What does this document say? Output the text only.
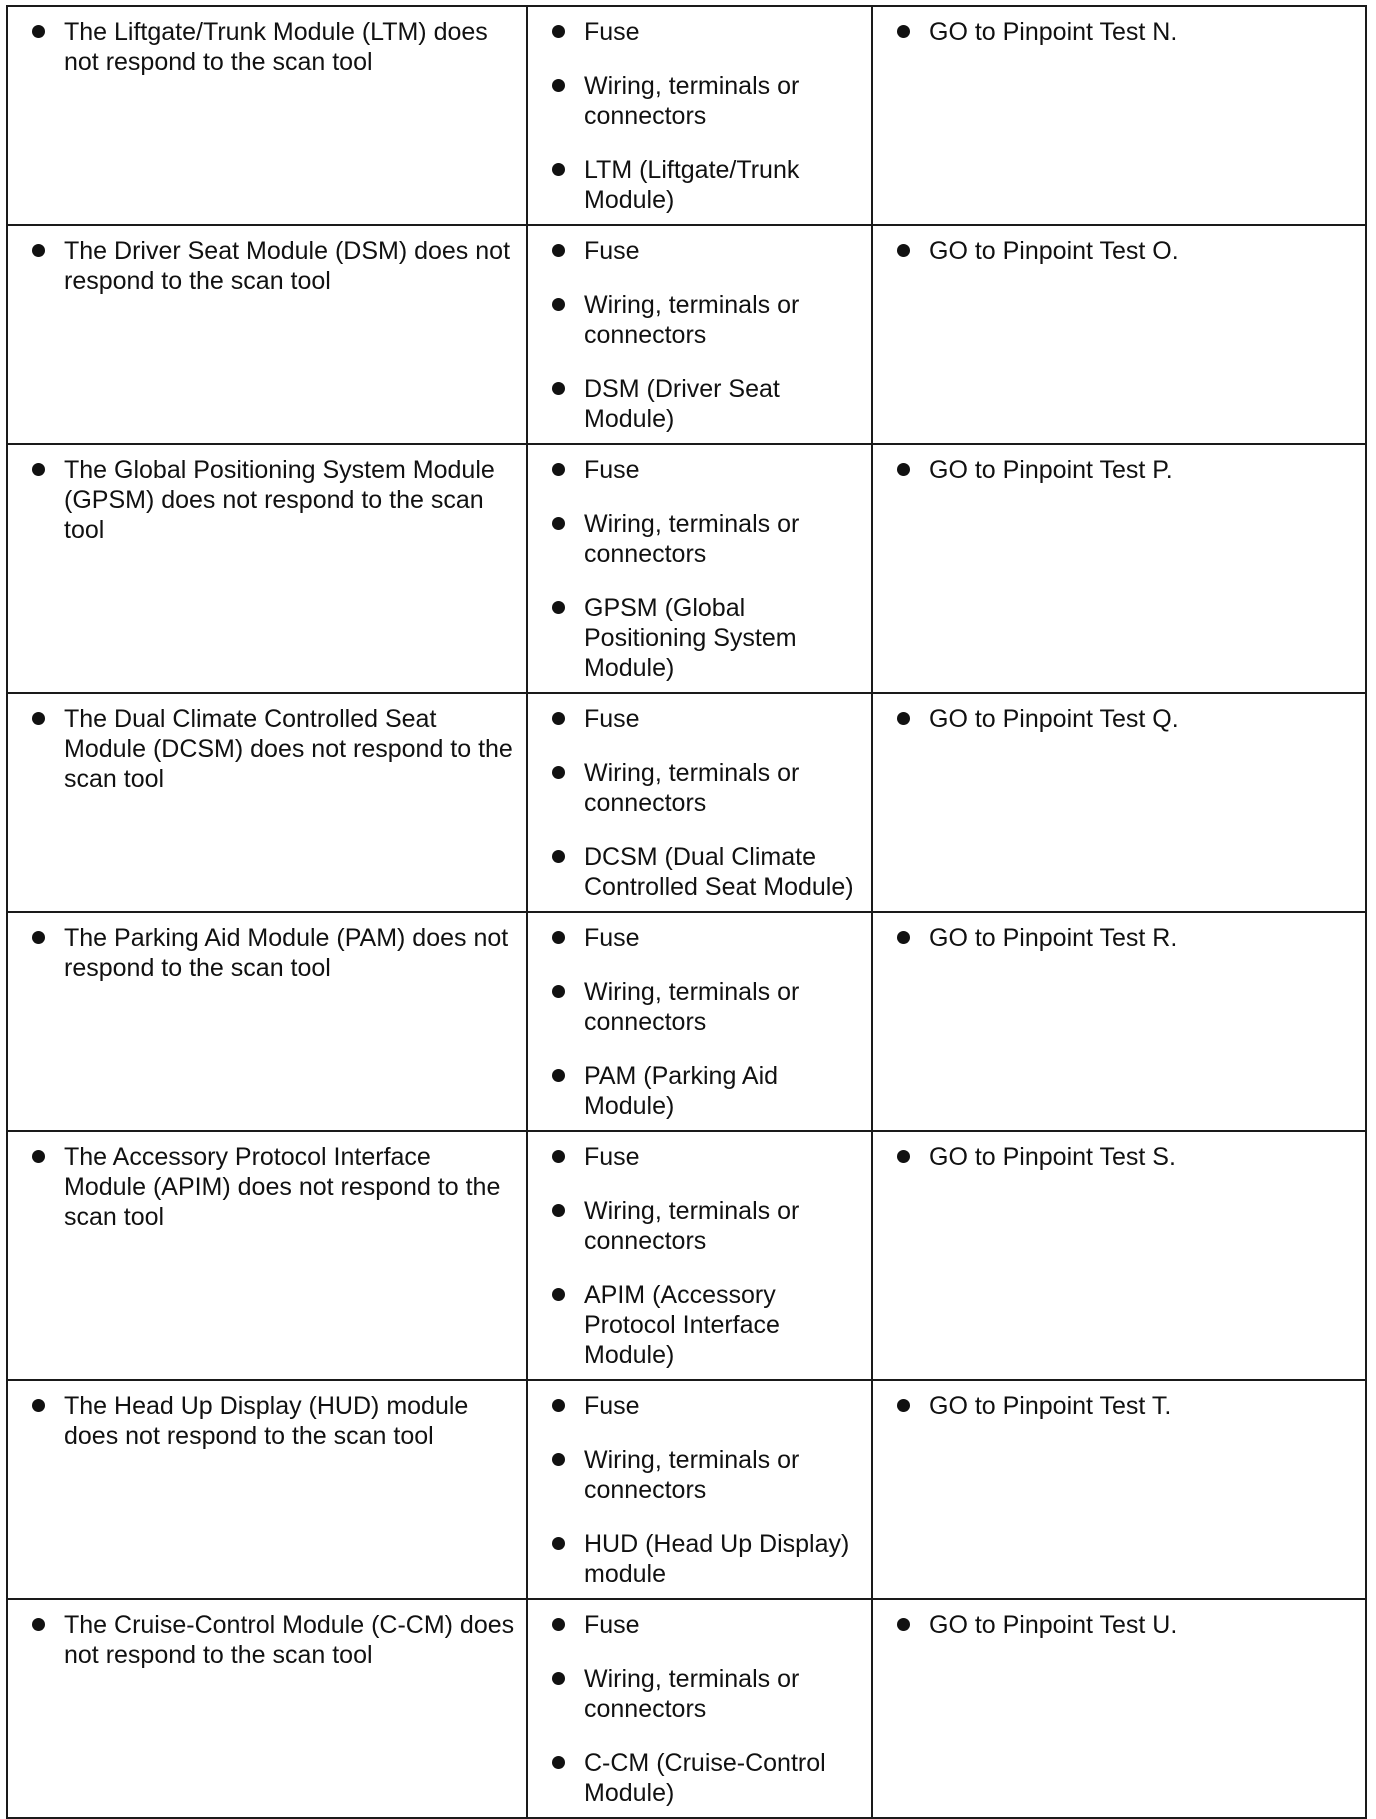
The Liftgate/Trunk Module (LTM) does not respond to the scan tool	Fuse
Wiring, terminals or connectors
LTM (Liftgate/Trunk Module)	GO to Pinpoint Test N.

The Driver Seat Module (DSM) does not respond to the scan tool	Fuse
Wiring, terminals or connectors
DSM (Driver Seat Module)	GO to Pinpoint Test O.

The Global Positioning System Module (GPSM) does not respond to the scan tool	Fuse
Wiring, terminals or connectors
GPSM (Global Positioning System Module)	GO to Pinpoint Test P.

The Dual Climate Controlled Seat Module (DCSM) does not respond to the scan tool	Fuse
Wiring, terminals or connectors
DCSM (Dual Climate Controlled Seat Module)	GO to Pinpoint Test Q.

The Parking Aid Module (PAM) does not respond to the scan tool	Fuse
Wiring, terminals or connectors
PAM (Parking Aid Module)	GO to Pinpoint Test R.

The Accessory Protocol Interface Module (APIM) does not respond to the scan tool	Fuse
Wiring, terminals or connectors
APIM (Accessory Protocol Interface Module)	GO to Pinpoint Test S.

The Head Up Display (HUD) module does not respond to the scan tool	Fuse
Wiring, terminals or connectors
HUD (Head Up Display) module	GO to Pinpoint Test T.

The Cruise-Control Module (C-CM) does not respond to the scan tool	Fuse
Wiring, terminals or connectors
C-CM (Cruise-Control Module)	GO to Pinpoint Test U.
